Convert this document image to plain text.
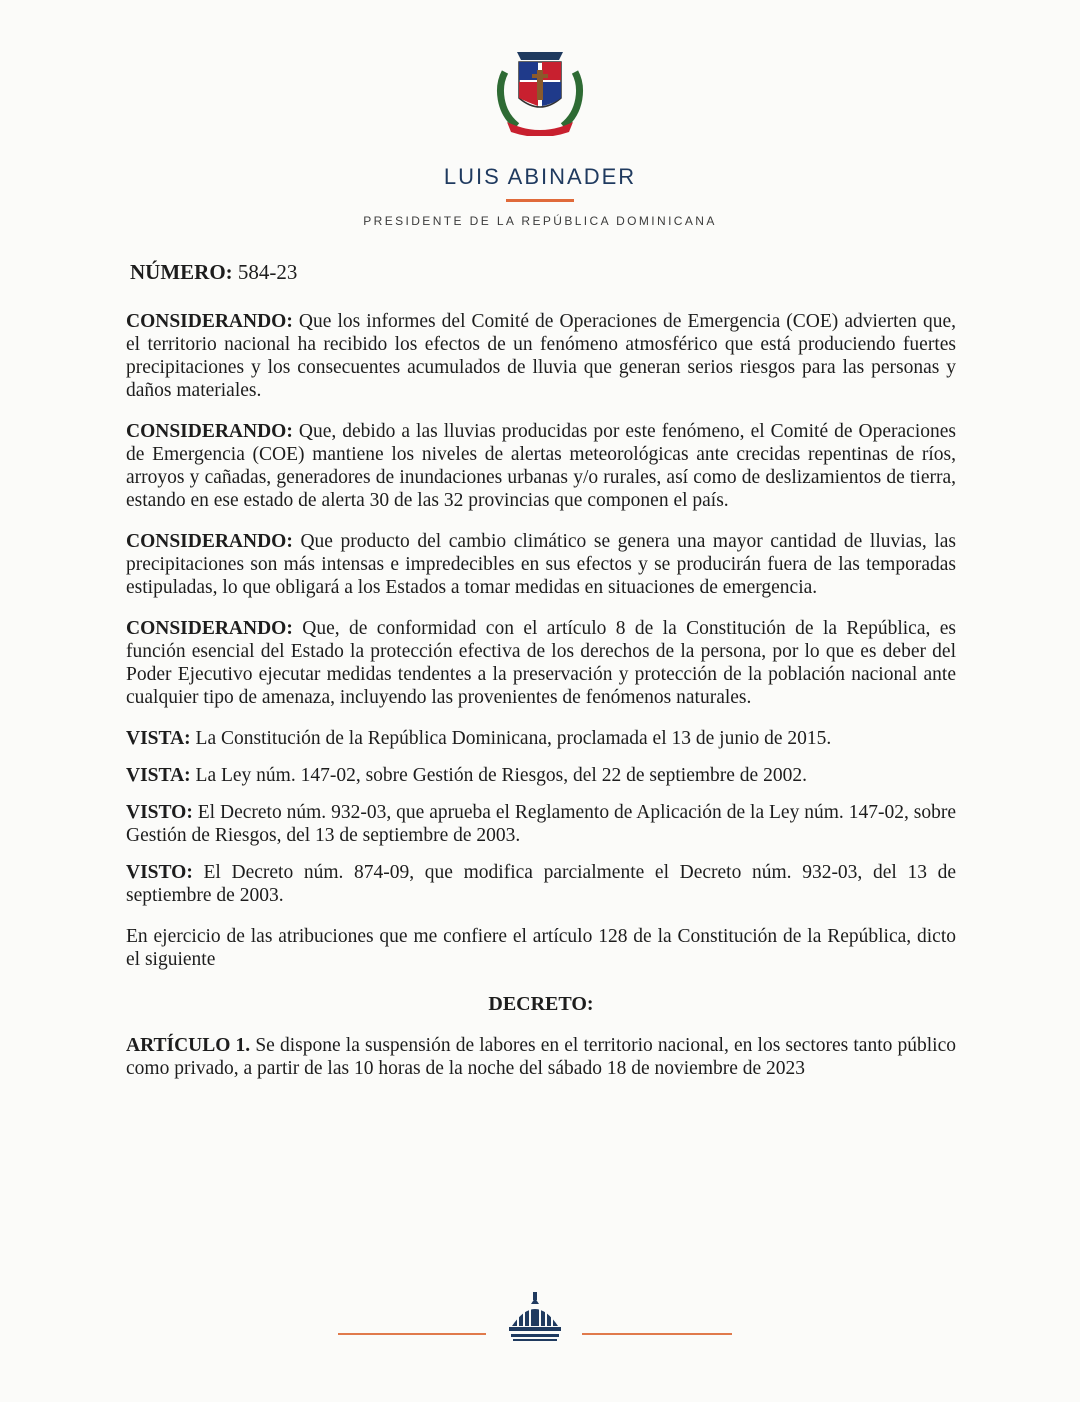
LUIS ABINADER
PRESIDENTE DE LA REPÚBLICA DOMINICANA
NÚMERO: 584-23

CONSIDERANDO: Que los informes del Comité de Operaciones de Emergencia (COE) advierten que, el territorio nacional ha recibido los efectos de un fenómeno atmosférico que está produciendo fuertes precipitaciones y los consecuentes acumulados de lluvia que generan serios riesgos para las personas y daños materiales.

CONSIDERANDO: Que, debido a las lluvias producidas por este fenómeno, el Comité de Operaciones de Emergencia (COE) mantiene los niveles de alertas meteorológicas ante crecidas repentinas de ríos, arroyos y cañadas, generadores de inundaciones urbanas y/o rurales, así como de deslizamientos de tierra, estando en ese estado de alerta 30 de las 32 provincias que componen el país.

CONSIDERANDO: Que producto del cambio climático se genera una mayor cantidad de lluvias, las precipitaciones son más intensas e impredecibles en sus efectos y se producirán fuera de las temporadas estipuladas, lo que obligará a los Estados a tomar medidas en situaciones de emergencia.

CONSIDERANDO: Que, de conformidad con el artículo 8 de la Constitución de la República, es función esencial del Estado la protección efectiva de los derechos de la persona, por lo que es deber del Poder Ejecutivo ejecutar medidas tendentes a la preservación y protección de la población nacional ante cualquier tipo de amenaza, incluyendo las provenientes de fenómenos naturales.

VISTA: La Constitución de la República Dominicana, proclamada el 13 de junio de 2015.

VISTA: La Ley núm. 147-02, sobre Gestión de Riesgos, del 22 de septiembre de 2002.

VISTO: El Decreto núm. 932-03, que aprueba el Reglamento de Aplicación de la Ley núm. 147-02, sobre Gestión de Riesgos, del 13 de septiembre de 2003.

VISTO: El Decreto núm. 874-09, que modifica parcialmente el Decreto núm. 932-03, del 13 de septiembre de 2003.

En ejercicio de las atribuciones que me confiere el artículo 128 de la Constitución de la República, dicto el siguiente

DECRETO:

ARTÍCULO 1. Se dispone la suspensión de labores en el territorio nacional, en los sectores tanto público como privado, a partir de las 10 horas de la noche del sábado 18 de noviembre de 2023
